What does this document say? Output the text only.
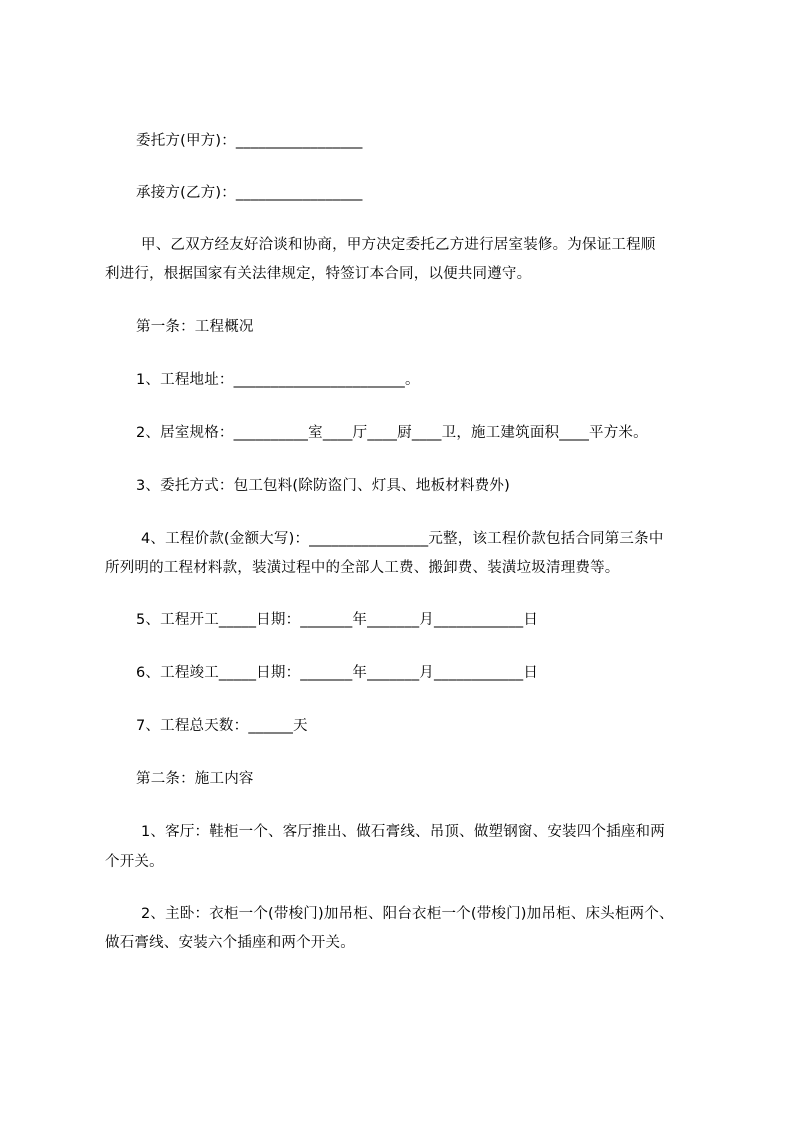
委托方(甲方)：_________________
承接方(乙方)：_________________
甲、乙双方经友好洽谈和协商，甲方决定委托乙方进行居室装修。为保证工程顺
利进行，根据国家有关法律规定，特签订本合同，以便共同遵守。
第一条：工程概况
1、工程地址：_______________________。
2、居室规格：__________室____厅____厨____卫，施工建筑面积____平方米。
3、委托方式：包工包料(除防盗门、灯具、地板材料费外)
4、工程价款(金额大写)：________________元整，该工程价款包括合同第三条中
所列明的工程材料款，装潢过程中的全部人工费、搬卸费、装潢垃圾清理费等。
5、工程开工_____日期：_______年_______月____________日
6、工程竣工_____日期：_______年_______月____________日
7、工程总天数：______天
第二条：施工内容
1、客厅：鞋柜一个、客厅推出、做石膏线、吊顶、做塑钢窗、安装四个插座和两
个开关。
2、主卧：衣柜一个(带梭门)加吊柜、阳台衣柜一个(带梭门)加吊柜、床头柜两个、
做石膏线、安装六个插座和两个开关。
